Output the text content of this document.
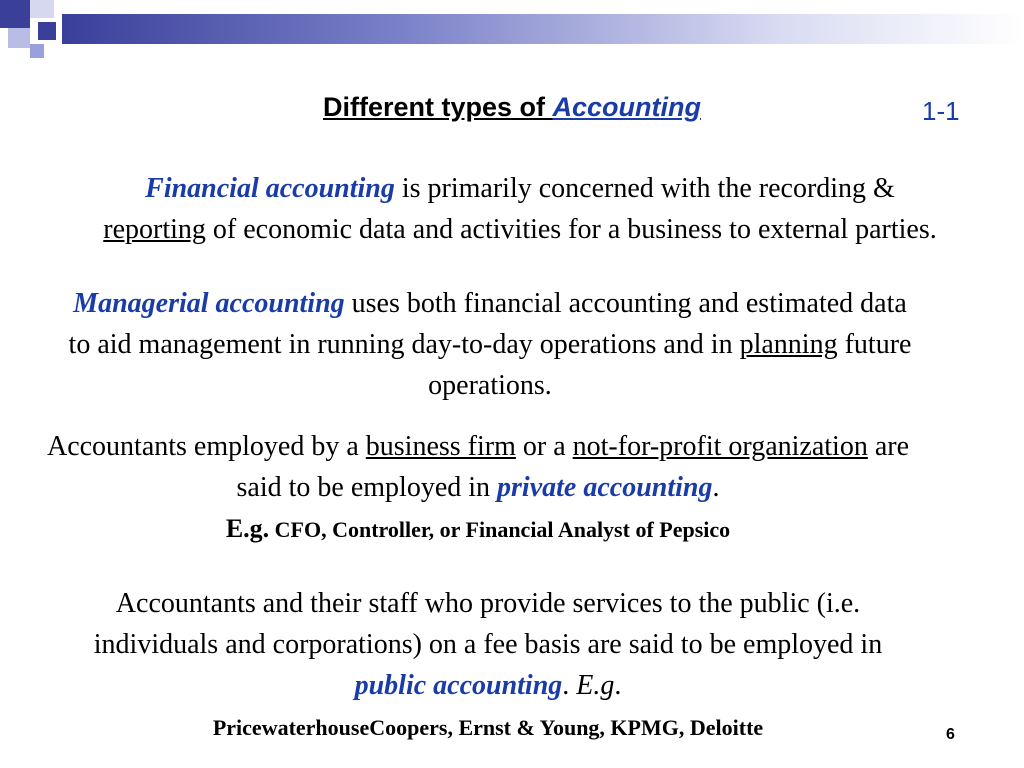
Different types of Accounting	1-1
Financial accounting is primarily concerned with the recording &
reporting of economic data and activities for a business to external parties.
Managerial accounting uses both financial accounting and estimated data to aid management in running day-to-day operations and in planning future operations.
Accountants employed by a business firm or a not-for-profit organization are said to be employed in private accounting.
E.g. CFO, Controller, or Financial Analyst of Pepsico
Accountants and their staff who provide services to the public (i.e. individuals and corporations) on a fee basis are said to be employed in public accounting. E.g.
PricewaterhouseCoopers, Ernst & Young, KPMG, Deloitte	6
